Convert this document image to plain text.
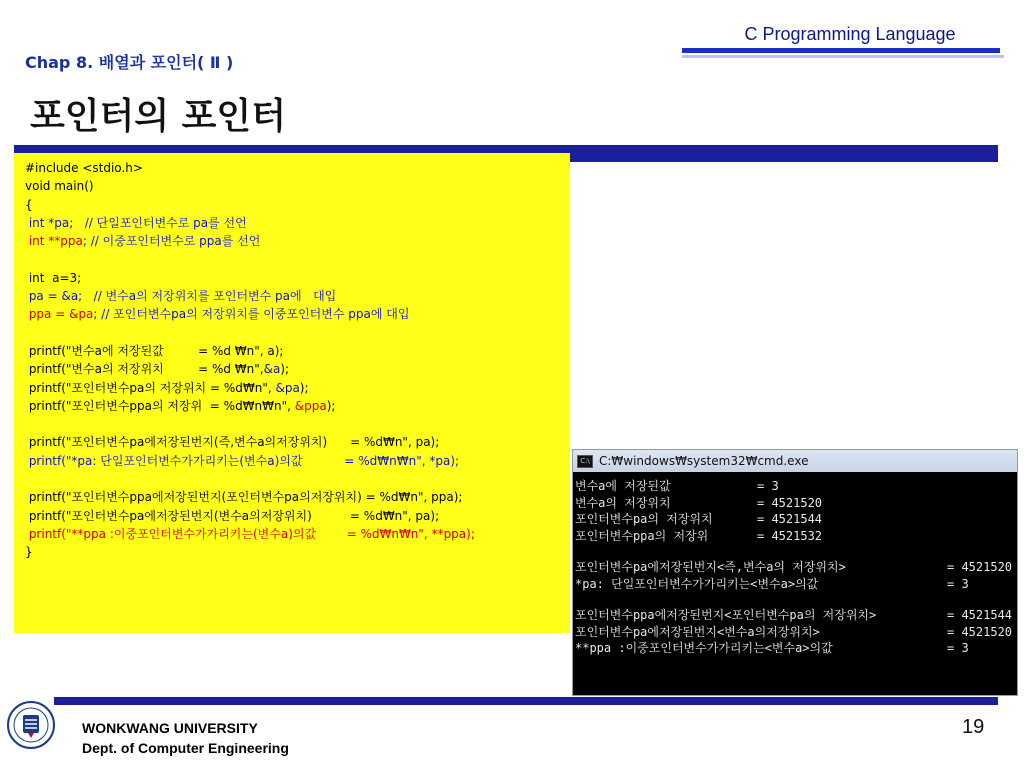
C Programming Language
Chap 8. 배열과 포인터( Ⅱ )
포인터의 포인터
#include <stdio.h>
void main()
{
int *pa;   // 단일포인터변수로 pa를 선언
int **ppa; // 이중포인터변수로 ppa를 선언

int  a=3;
pa = &a;   // 변수a의 저장위치를 포인터변수 pa에   대입
ppa = &pa; // 포인터변수pa의 저장위치를 이중포인터변수 ppa에 대입

printf("변수a에 저장된값         = %d ₩n", a);
printf("변수a의 저장위치         = %d ₩n",&a);
printf("포인터변수pa의 저장위치 = %d₩n", &pa);
printf("포인터변수ppa의 저장위  = %d₩n₩n", &ppa);

printf("포인터변수pa에저장된번지(즉,변수a의저장위치)      = %d₩n", pa);
printf("*pa: 단일포인터변수가가리키는(변수a)의값           = %d₩n₩n", *pa);

printf("포인터변수ppa에저장된번지(포인터변수pa의저장위치) = %d₩n", ppa);
printf("포인터변수pa에저장된번지(변수a의저장위치)          = %d₩n", pa);
printf("**ppa :이중포인터변수가가리키는(변수a)의값        = %d₩n₩n", **ppa);
}
C:\ C:₩windows₩system32₩cmd.exe
변수a에 저장된값	= 3
변수a의 저장위치	= 4521520
포인터변수pa의 저장위치	= 4521544
포인터변수ppa의 저장위	= 4521532
포인터변수pa에저장된번지<즉,변수a의 저장위치>	= 4521520
*pa: 단일포인터변수가가리키는<변수a>의값	= 3
포인터변수ppa에저장된번지<포인터변수pa의 저장위치>	= 4521544
포인터변수pa에저장된번지<변수a의저장위치>	= 4521520
**ppa :이중포인터변수가가리키는<변수a>의값	= 3
WONKWANG UNIVERSITY
Dept. of Computer Engineering
19
